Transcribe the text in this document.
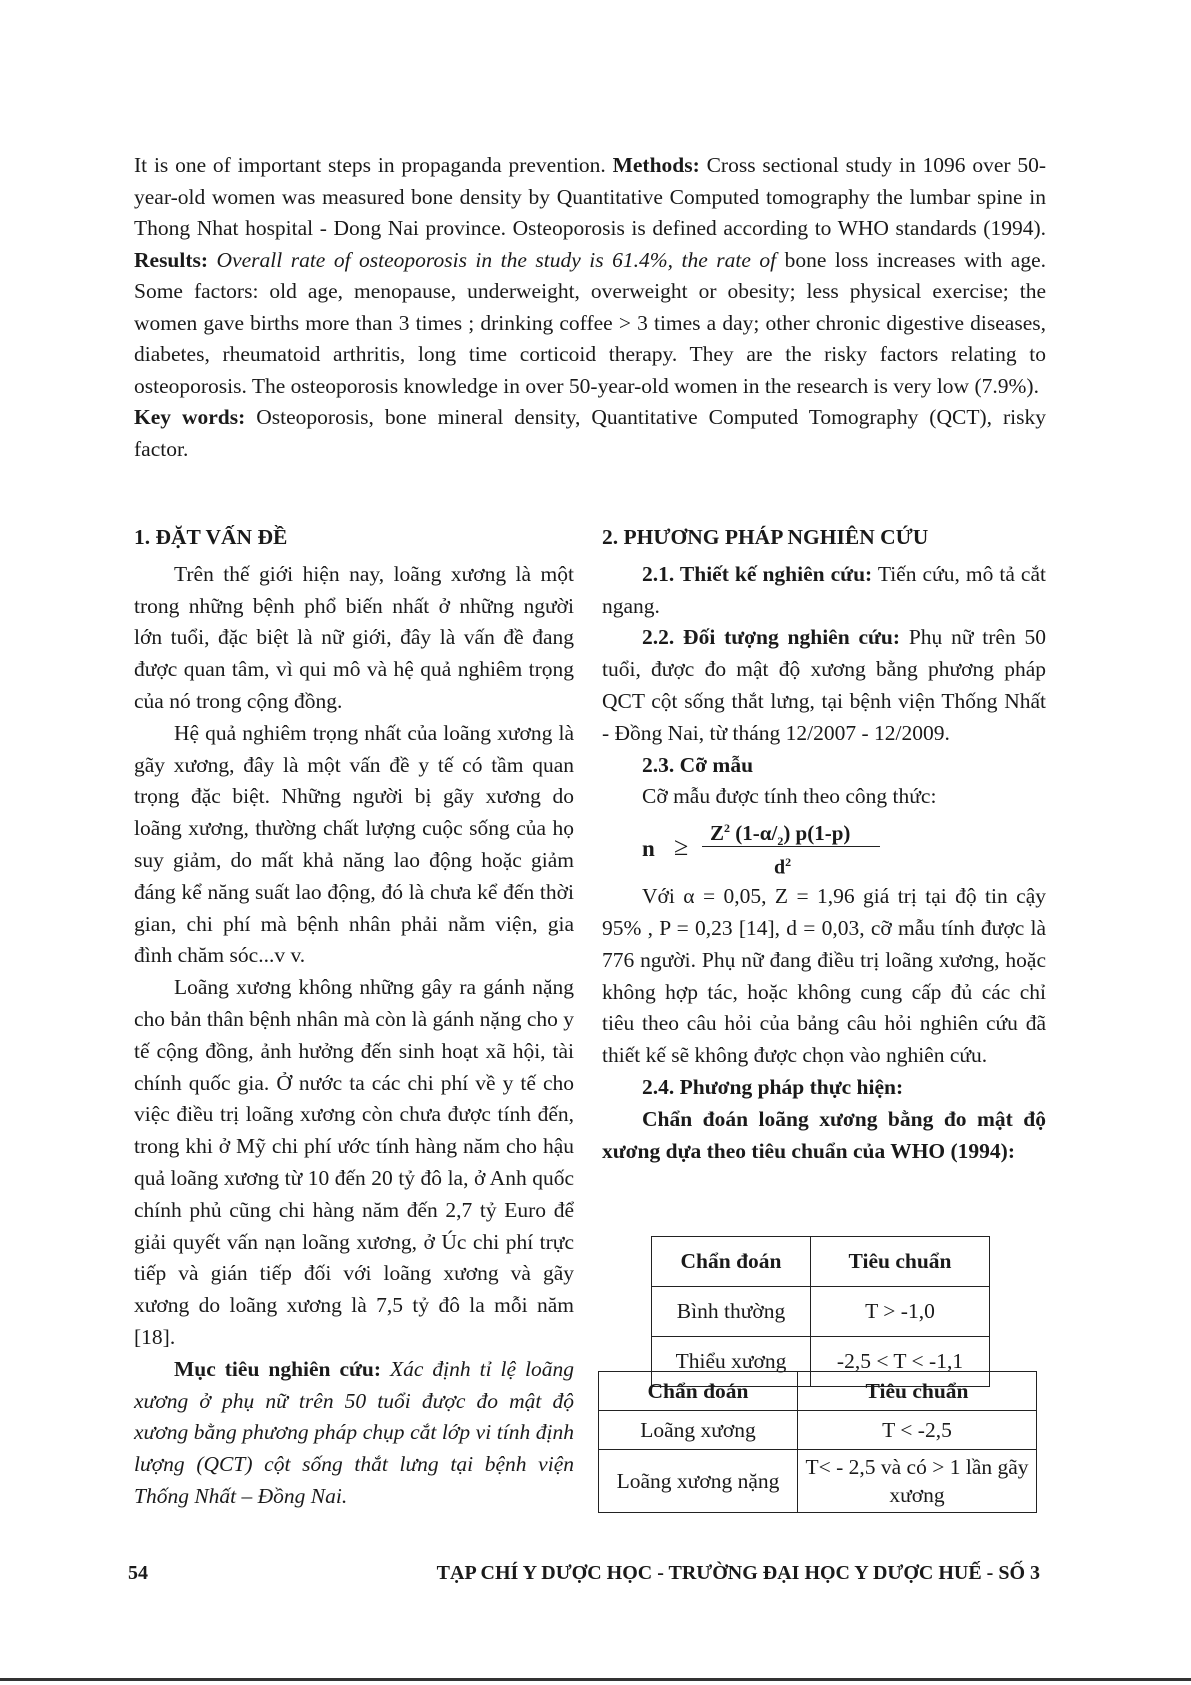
It is one of important steps in propaganda prevention. Methods: Cross sectional study in 1096 over 50-year-old women was measured bone density by Quantitative Computed tomography the lumbar spine in Thong Nhat hospital - Dong Nai province. Osteoporosis is defined according to WHO standards (1994). Results: Overall rate of osteoporosis in the study is 61.4%, the rate of bone loss increases with age. Some factors: old age, menopause, underweight, overweight or obesity; less physical exercise; the women gave births more than 3 times ; drinking coffee > 3 times a day; other chronic digestive diseases, diabetes, rheumatoid arthritis, long time corticoid therapy. They are the risky factors relating to osteoporosis. The osteoporosis knowledge in over 50-year-old women in the research is very low (7.9%).

Key words: Osteoporosis, bone mineral density, Quantitative Computed Tomography (QCT), risky factor.

1. ĐẶT VẤN ĐỀ

Trên thế giới hiện nay, loãng xương là một trong những bệnh phổ biến nhất ở những người lớn tuổi, đặc biệt là nữ giới, đây là vấn đề đang được quan tâm, vì qui mô và hệ quả nghiêm trọng của nó trong cộng đồng.

Hệ quả nghiêm trọng nhất của loãng xương là gãy xương, đây là một vấn đề y tế có tầm quan trọng đặc biệt. Những người bị gãy xương do loãng xương, thường chất lượng cuộc sống của họ suy giảm, do mất khả năng lao động hoặc giảm đáng kể năng suất lao động, đó là chưa kể đến thời gian, chi phí mà bệnh nhân phải nằm viện, gia đình chăm sóc...v v.

Loãng xương không những gây ra gánh nặng cho bản thân bệnh nhân mà còn là gánh nặng cho y tế cộng đồng, ảnh hưởng đến sinh hoạt xã hội, tài chính quốc gia. Ở nước ta các chi phí về y tế cho việc điều trị loãng xương còn chưa được tính đến, trong khi ở Mỹ chi phí ước tính hàng năm cho hậu quả loãng xương từ 10 đến 20 tỷ đô la, ở Anh quốc chính phủ cũng chi hàng năm đến 2,7 tỷ Euro để giải quyết vấn nạn loãng xương, ở Úc chi phí trực tiếp và gián tiếp đối với loãng xương và gãy xương do loãng xương là 7,5 tỷ đô la mỗi năm [18].

Mục tiêu nghiên cứu: Xác định tỉ lệ loãng xương ở phụ nữ trên 50 tuổi được đo mật độ xương bằng phương pháp chụp cắt lớp vi tính định lượng (QCT) cột sống thắt lưng tại bệnh viện Thống Nhất – Đồng Nai.

2. PHƯƠNG PHÁP NGHIÊN CỨU

2.1. Thiết kế nghiên cứu: Tiến cứu, mô tả cắt ngang.

2.2. Đối tượng nghiên cứu: Phụ nữ trên 50 tuổi, được đo mật độ xương bằng phương pháp QCT cột sống thắt lưng, tại bệnh viện Thống Nhất - Đồng Nai, từ tháng 12/2007 - 12/2009.

2.3. Cỡ mẫu

Cỡ mẫu được tính theo công thức:

$n \ge Z^2$ $(1-\alpha/_2)$ p(1-p)
$d^2$

Với α = 0,05, Z = 1,96 giá trị tại độ tin cậy 95% , P = 0,23 [14], d = 0,03, cỡ mẫu tính được là 776 người. Phụ nữ đang điều trị loãng xương, hoặc không hợp tác, hoặc không cung cấp đủ các chỉ tiêu theo câu hỏi của bảng câu hỏi nghiên cứu đã thiết kế sẽ không được chọn vào nghiên cứu.

2.4. Phương pháp thực hiện:

Chẩn đoán loãng xương bằng đo mật độ xương dựa theo tiêu chuẩn của WHO (1994):

Chẩn đoán	Tiêu chuẩn
Bình thường	T > -1,0
Thiểu xương	-2,5 < T < -1,1
Chẩn đoán	Tiêu chuẩn
Loãng xương	T < -2,5
Loãng xương nặng	T< - 2,5 và có > 1 lần gãy xương
54	TẠP CHÍ Y DƯỢC HỌC - TRƯỜNG ĐẠI HỌC Y DƯỢC HUẾ - SỐ 3
